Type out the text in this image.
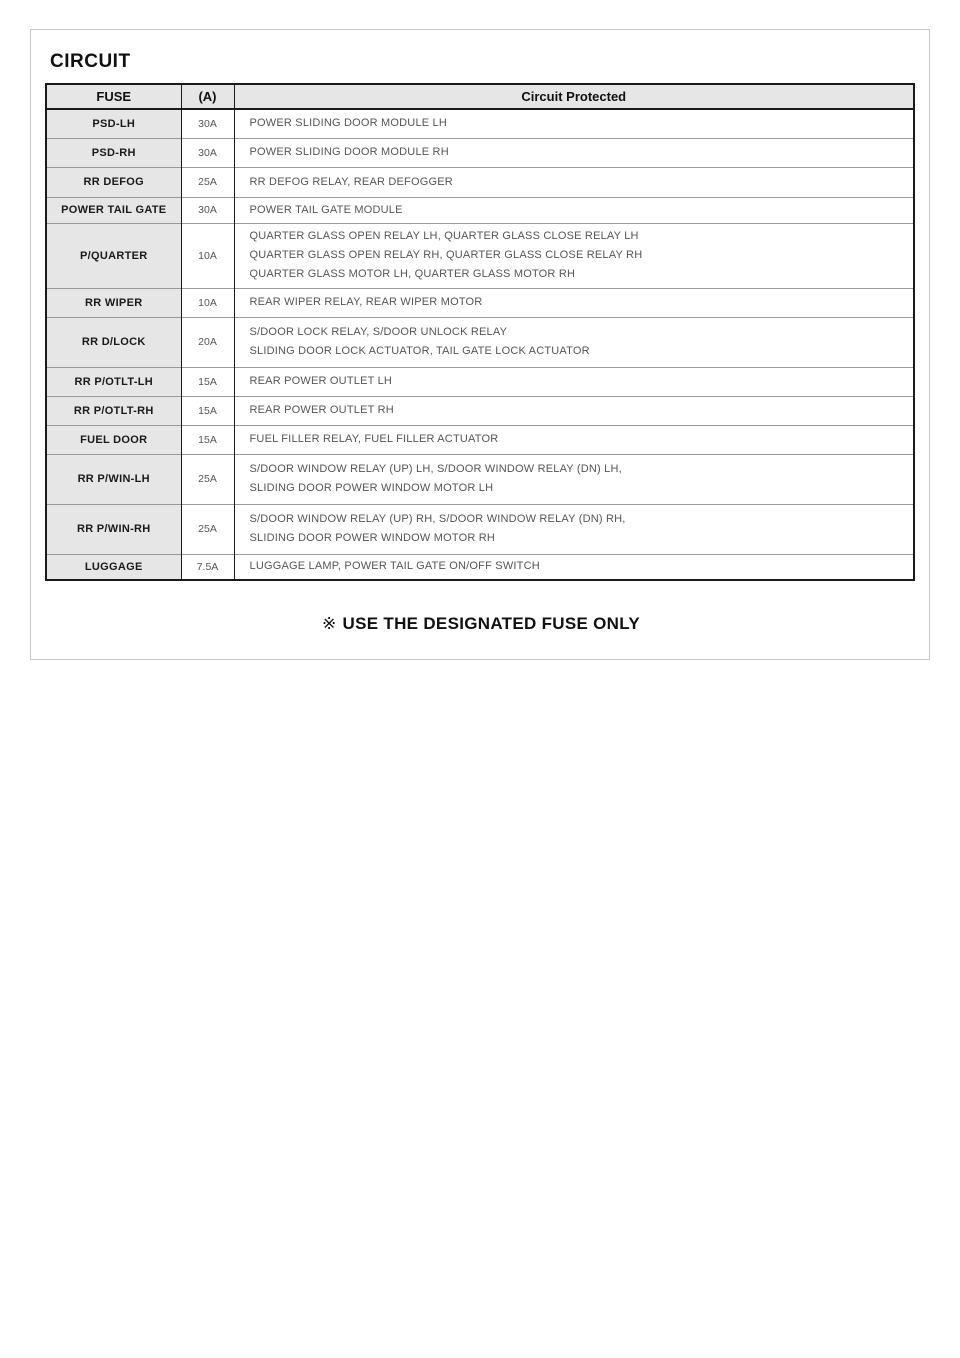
CIRCUIT
FUSE	(A)	Circuit Protected
PSD-LH	30A	POWER SLIDING DOOR MODULE LH

PSD-RH	30A	POWER SLIDING DOOR MODULE RH

RR DEFOG	25A	RR DEFOG RELAY, REAR DEFOGGER

POWER TAIL GATE	30A	POWER TAIL GATE MODULE

P/QUARTER	10A	QUARTER GLASS OPEN RELAY LH, QUARTER GLASS CLOSE RELAY LH
QUARTER GLASS OPEN RELAY RH, QUARTER GLASS CLOSE RELAY RH
QUARTER GLASS MOTOR LH, QUARTER GLASS MOTOR RH

RR WIPER	10A	REAR WIPER RELAY, REAR WIPER MOTOR

RR D/LOCK	20A	S/DOOR LOCK RELAY, S/DOOR UNLOCK RELAY
SLIDING DOOR LOCK ACTUATOR, TAIL GATE LOCK ACTUATOR

RR P/OTLT-LH	15A	REAR POWER OUTLET LH

RR P/OTLT-RH	15A	REAR POWER OUTLET RH

FUEL DOOR	15A	FUEL FILLER RELAY, FUEL FILLER ACTUATOR

RR P/WIN-LH	25A	S/DOOR WINDOW RELAY (UP) LH, S/DOOR WINDOW RELAY (DN) LH,
SLIDING DOOR POWER WINDOW MOTOR LH

RR P/WIN-RH	25A	S/DOOR WINDOW RELAY (UP) RH, S/DOOR WINDOW RELAY (DN) RH,
SLIDING DOOR POWER WINDOW MOTOR RH

LUGGAGE	7.5A	LUGGAGE LAMP, POWER TAIL GATE ON/OFF SWITCH
※ USE THE DESIGNATED FUSE ONLY
